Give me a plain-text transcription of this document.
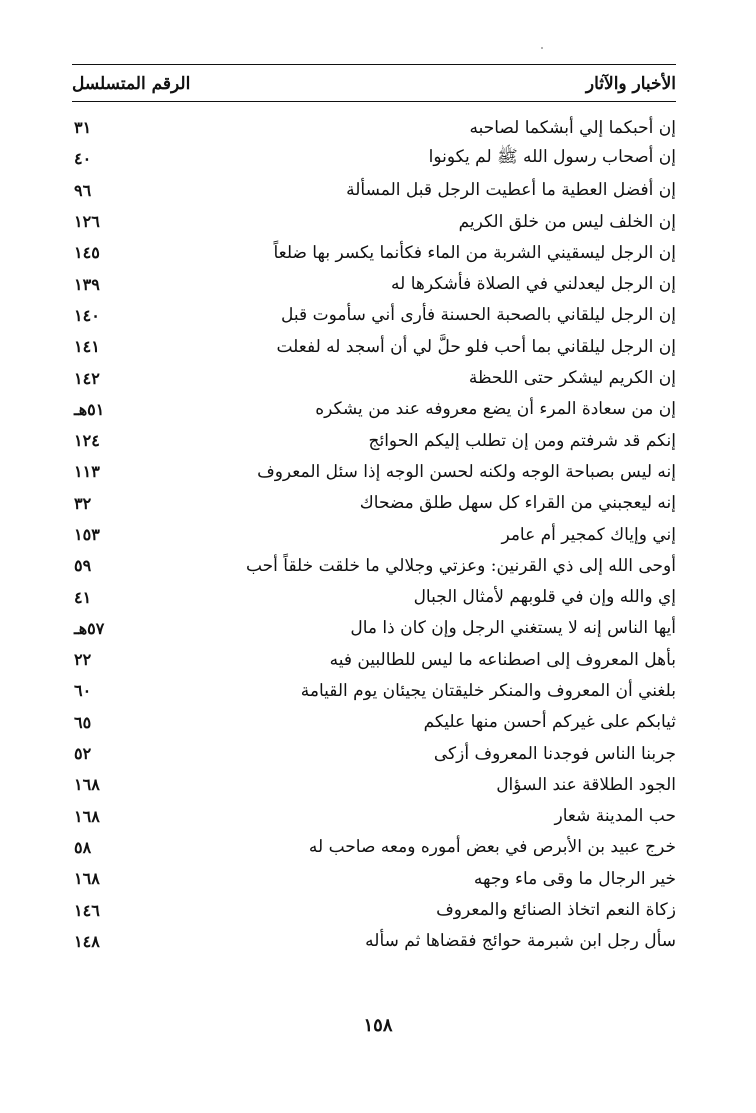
الأخبار والآثار
الرقم المتسلسل
إن أحبكما إلي أبشكما لصاحبه
٣١
إن أصحاب رسول الله ﷺ لم يكونوا
٤٠
إن أفضل العطية ما أعطيت الرجل قبل المسألة
٩٦
إن الخلف ليس من خلق الكريم
١٢٦
إن الرجل ليسقيني الشربة من الماء فكأنما يكسر بها ضلعاً
١٤٥
إن الرجل ليعدلني في الصلاة فأشكرها له
١٣٩
إن الرجل ليلقاني بالصحبة الحسنة فأرى أني سأموت قبل
١٤٠
إن الرجل ليلقاني بما أحب فلو حلَّ لي أن أسجد له لفعلت
١٤١
إن الكريم ليشكر حتى اللحظة
١٤٢
إن من سعادة المرء أن يضع معروفه عند من يشكره
٥١هـ
إنكم قد شرفتم ومن إن تطلب إليكم الحوائج
١٢٤
إنه ليس بصباحة الوجه ولكنه لحسن الوجه إذا سئل المعروف
١١٣
إنه ليعجبني من القراء كل سهل طلق مضحاك
٣٢
إني وإياك كمجير أم عامر
١٥٣
أوحى الله إلى ذي القرنين: وعزتي وجلالي ما خلقت خلقاً أحب
٥٩
إي والله وإن في قلوبهم لأمثال الجبال
٤١
أيها الناس إنه لا يستغني الرجل وإن كان ذا مال
٥٧هـ
بأهل المعروف إلى اصطناعه ما ليس للطالبين فيه
٢٢
بلغني أن المعروف والمنكر خليقتان يجيئان يوم القيامة
٦٠
ثيابكم على غيركم أحسن منها عليكم
٦٥
جربنا الناس فوجدنا المعروف أزكى
٥٢
الجود الطلاقة عند السؤال
١٦٨
حب المدينة شعار
١٦٨
خرج عبيد بن الأبرص في بعض أموره ومعه صاحب له
٥٨
خير الرجال ما وقى ماء وجهه
١٦٨
زكاة النعم اتخاذ الصنائع والمعروف
١٤٦
سأل رجل ابن شبرمة حوائج فقضاها ثم سأله
١٤٨
١٥٨
